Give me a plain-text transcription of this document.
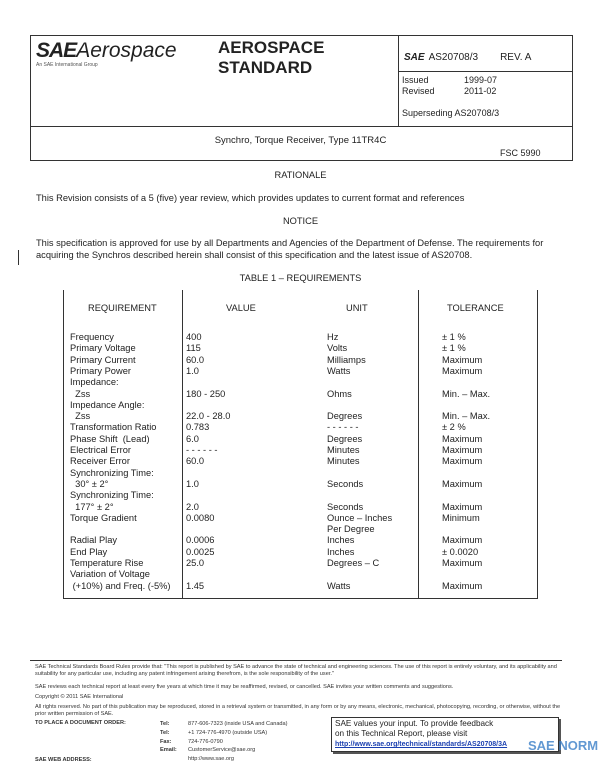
SAEAerospace
An SAE International Group
AEROSPACE
STANDARD
SAE AS20708/3 REV. A
Issued	1999-07
Revised	2011-02
Superseding AS20708/3
Synchro, Torque Receiver, Type 11TR4C
FSC 5990
RATIONALE
This Revision consists of a 5 (five) year review, which provides updates to current format and references
NOTICE
This specification is approved for use by all Departments and Agencies of the Department of Defense. The requirements for acquiring the Synchros described herein shall consist of this specification and the latest issue of AS20708.
TABLE 1 – REQUIREMENTS
REQUIREMENT	VALUE	UNIT	TOLERANCE
Frequency	400	Hz	± 1 %
Primary Voltage	115	Volts	± 1 %
Primary Current	60.0	Milliamps	Maximum
Primary Power	1.0	Watts	Maximum
Impedance:
Zss	180 - 250	Ohms	Min. – Max.
Impedance Angle:
Zss	22.0 - 28.0	Degrees	Min. – Max.
Transformation Ratio	0.783	- - - - - -	± 2 %
Phase Shift  (Lead)	6.0	Degrees	Maximum
Electrical Error	- - - - - -	Minutes	Maximum
Receiver Error	60.0	Minutes	Maximum
Synchronizing Time:
30° ± 2°	1.0	Seconds	Maximum
Synchronizing Time:
177° ± 2°	2.0	Seconds	Maximum
Torque Gradient	0.0080	Ounce – Inches	Minimum
Per Degree
Radial Play	0.0006	Inches	Maximum
End Play	0.0025	Inches	± 0.0020
Temperature Rise	25.0	Degrees – C	Maximum
Variation of Voltage
(+10%) and Freq. (-5%) 1.45	Watts	Maximum
SAE Technical Standards Board Rules provide that: "This report is published by SAE to advance the state of technical and engineering sciences. The use of this report is entirely voluntary, and its applicability and suitability for any particular use, including any patent infringement arising therefrom, is the sole responsibility of the user."
SAE reviews each technical report at least every five years at which time it may be reaffirmed, revised, or cancelled. SAE invites your written comments and suggestions.
Copyright © 2011 SAE International
All rights reserved. No part of this publication may be reproduced, stored in a retrieval system or transmitted, in any form or by any means, electronic, mechanical, photocopying, recording, or otherwise, without the prior written permission of SAE.
TO PLACE A DOCUMENT ORDER:	Tel:	877-606-7323 (inside USA and Canada)
Tel:	+1 724-776-4970 (outside USA)
Fax:	724-776-0790
Email: CustomerService@sae.org
http://www.sae.org
SAE WEB ADDRESS:
SAE values your input. To provide feedback
on this Technical Report, please visit
http://www.sae.org/technical/standards/AS20708/3A	SAE NORM
